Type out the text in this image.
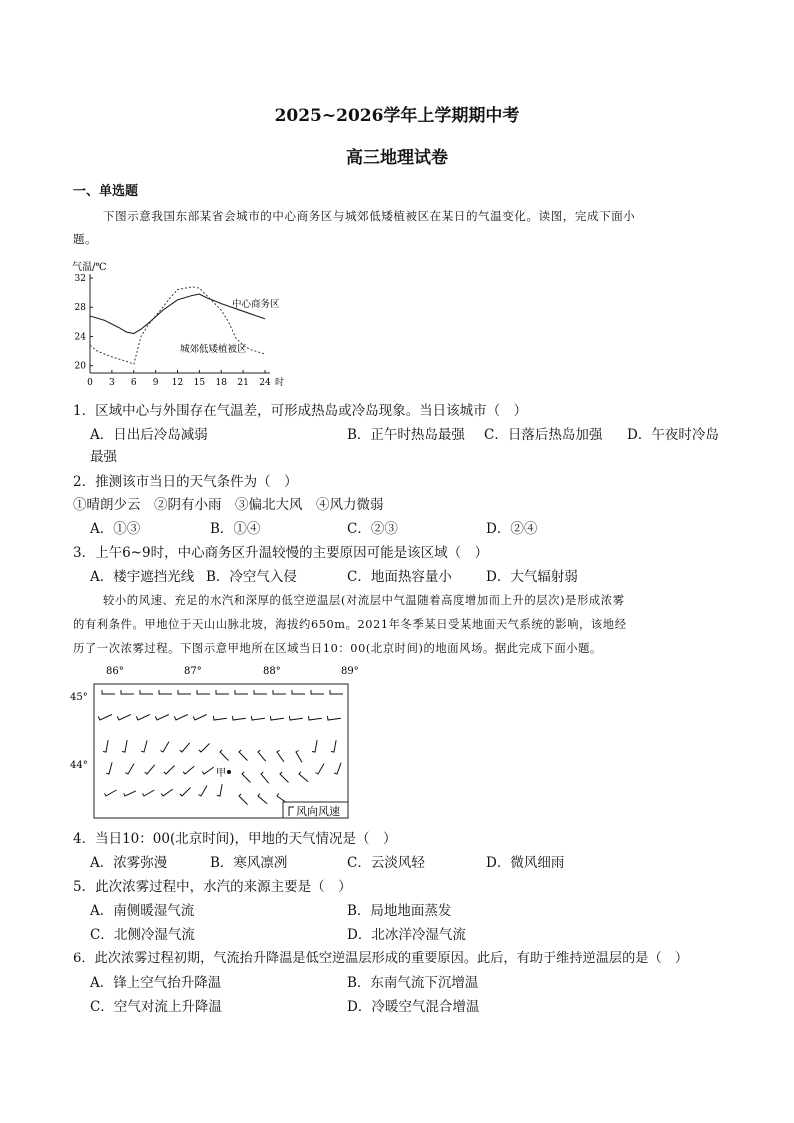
2025~2026学年上学期期中考
高三地理试卷
一、单选题
下图示意我国东部某省会城市的中心商务区与城郊低矮植被区在某日的气温变化。读图，完成下面小
题。
气温/℃
20
24
28
32
0 3 6 9 12 15 18 21 24 时
中心商务区
城郊低矮植被区
1．区域中心与外围存在气温差，可形成热岛或冷岛现象。当日该城市（　）
A．日出后冷岛减弱	B．正午时热岛最强 C．日落后热岛加强 D．午夜时冷岛
最强
2．推测该市当日的天气条件为（　）
①晴朗少云　②阴有小雨　③偏北大风　④风力微弱
A．①③	B．①④	C．②③	D．②④
3．上午6~9时，中心商务区升温较慢的主要原因可能是该区域（　）
A．楼宇遮挡光线 B．冷空气入侵	C．地面热容量小	D．大气辐射弱
较小的风速、充足的水汽和深厚的低空逆温层(对流层中气温随着高度增加而上升的层次)是形成浓雾
的有利条件。甲地位于天山山脉北坡，海拔约650m。2021年冬季某日受某地面天气系统的影响，该地经
历了一次浓雾过程。下图示意甲地所在区域当日10：00(北京时间)的地面风场。据此完成下面小题。
86°	87°	88°	89°
45°
44°
甲
风向风速
4．当日10：00(北京时间)，甲地的天气情况是（　）
A．浓雾弥漫	B．寒风凛冽	C．云淡风轻	D．微风细雨
5．此次浓雾过程中，水汽的来源主要是（　）
A．南侧暖湿气流	B．局地地面蒸发
C．北侧冷湿气流	D．北冰洋冷湿气流
6．此次浓雾过程初期，气流抬升降温是低空逆温层形成的重要原因。此后，有助于维持逆温层的是（　）
A．锋上空气抬升降温	B．东南气流下沉增温
C．空气对流上升降温	D．冷暖空气混合增温
